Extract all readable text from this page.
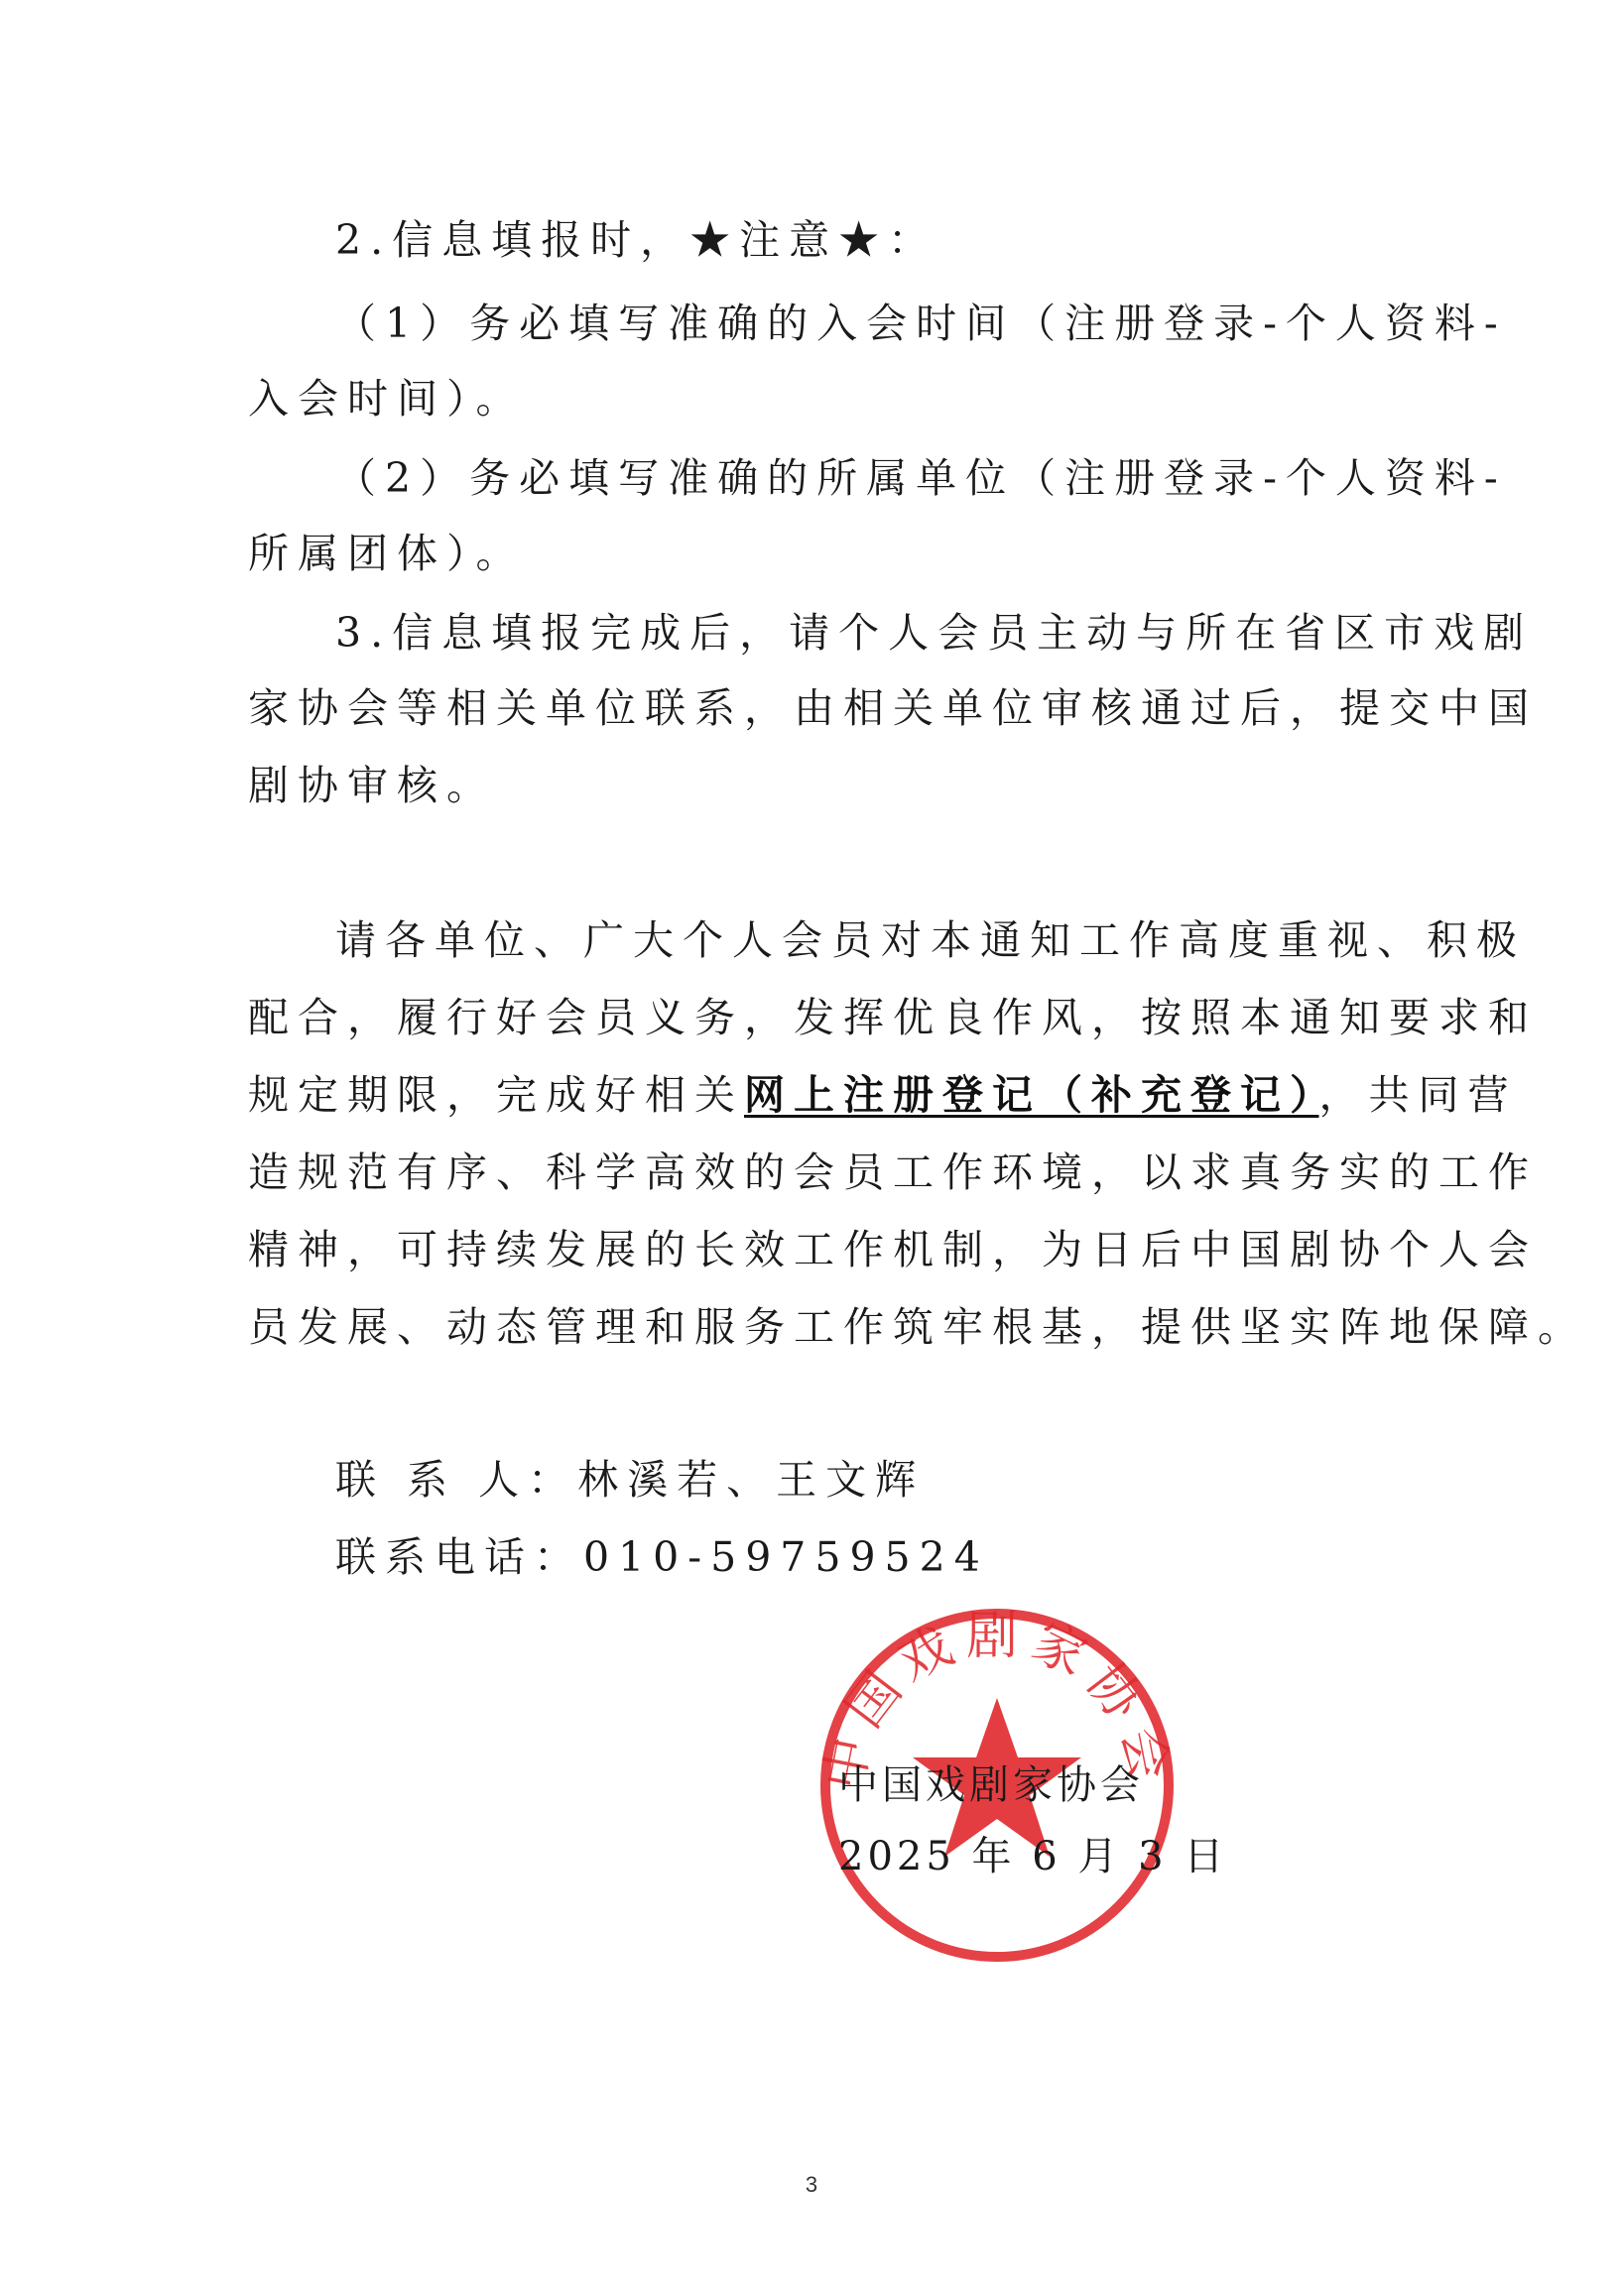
2.信息填报时，★注意★：
（1）务必填写准确的入会时间（注册登录-个人资料-
入会时间）。
（2）务必填写准确的所属单位（注册登录-个人资料-
所属团体）。
3.信息填报完成后，请个人会员主动与所在省区市戏剧
家协会等相关单位联系，由相关单位审核通过后，提交中国
剧协审核。
请各单位、广大个人会员对本通知工作高度重视、积极
配合，履行好会员义务，发挥优良作风，按照本通知要求和
规定期限，完成好相关网上注册登记（补充登记），共同营
造规范有序、科学高效的会员工作环境，以求真务实的工作
精神，可持续发展的长效工作机制，为日后中国剧协个人会
员发展、动态管理和服务工作筑牢根基，提供坚实阵地保障。
联 系 人：林溪若、王文辉
联系电话：010-59759524
中国戏剧家协会
中国戏剧家协会
2025 年 6 月 3 日
3
